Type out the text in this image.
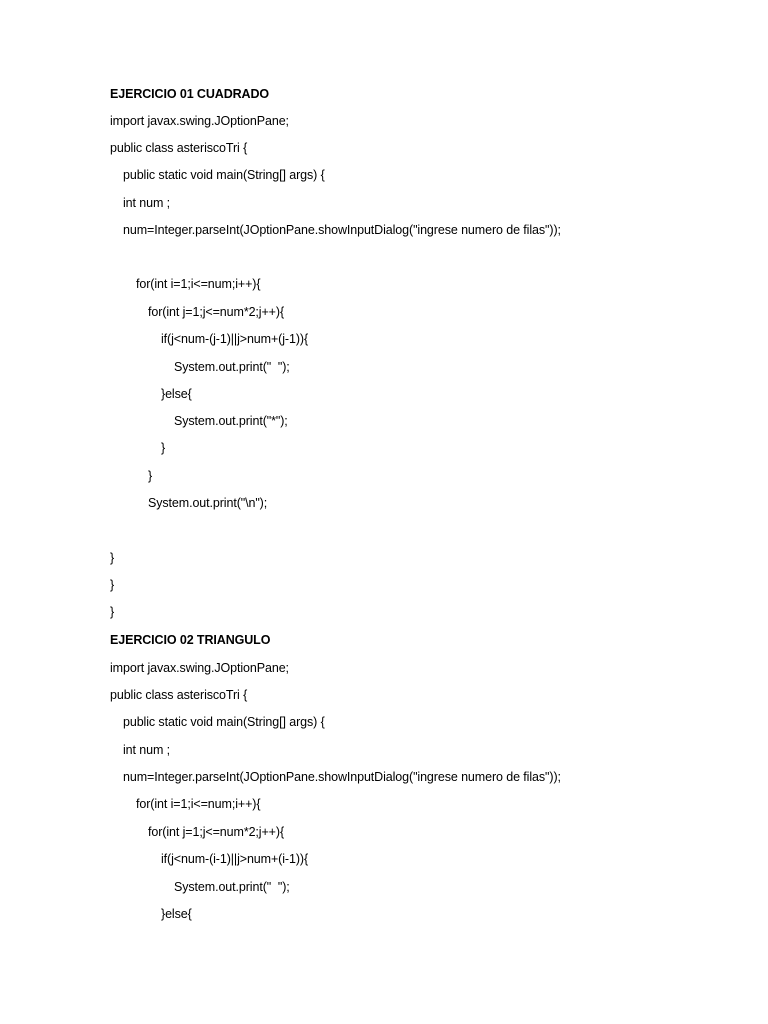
EJERCICIO 01 CUADRADO
import javax.swing.JOptionPane;
public class asteriscoTri {
public static void main(String[] args) {
int num ;
num=Integer.parseInt(JOptionPane.showInputDialog("ingrese numero de filas"));
for(int i=1;i<=num;i++){
for(int j=1;j<=num*2;j++){
if(j<num-(j-1)||j>num+(j-1)){
System.out.print("  ");
}else{
System.out.print("*");
}
}
System.out.print("\n");
}
}
}
EJERCICIO 02 TRIANGULO
import javax.swing.JOptionPane;
public class asteriscoTri {
public static void main(String[] args) {
int num ;
num=Integer.parseInt(JOptionPane.showInputDialog("ingrese numero de filas"));
for(int i=1;i<=num;i++){
for(int j=1;j<=num*2;j++){
if(j<num-(i-1)||j>num+(i-1)){
System.out.print("  ");
}else{
